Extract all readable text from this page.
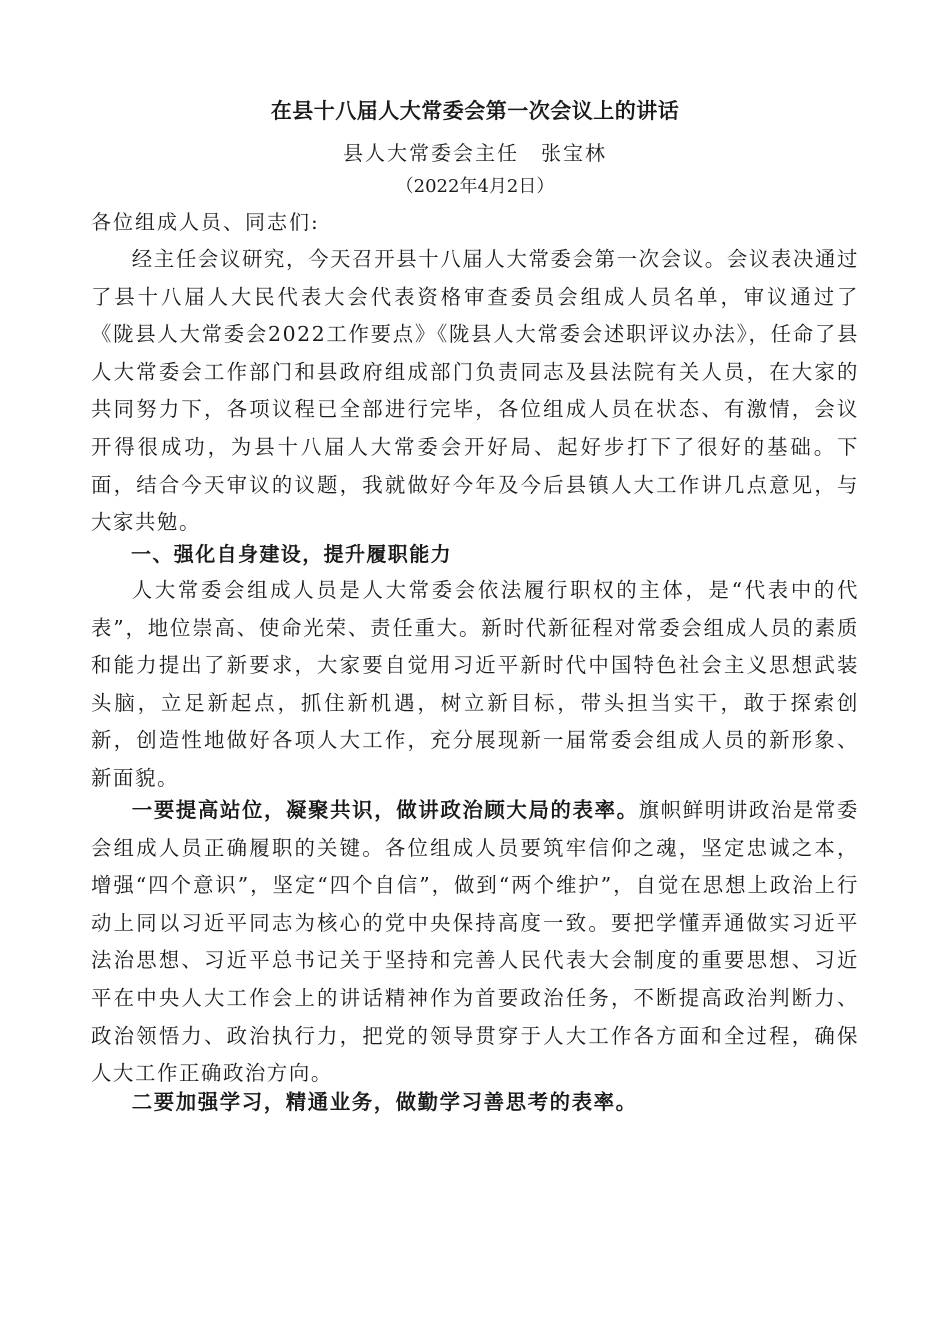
在县十八届人大常委会第一次会议上的讲话

县人大常委会主任　张宝林

（2022年4月2日）

各位组成人员、同志们:

经主任会议研究，今天召开县十八届人大常委会第一次会议。会议表决通过了县十八届人大民代表大会代表资格审查委员会组成人员名单，审议通过了《陇县人大常委会2022工作要点》《陇县人大常委会述职评议办法》，任命了县人大常委会工作部门和县政府组成部门负责同志及县法院有关人员，在大家的共同努力下，各项议程已全部进行完毕，各位组成人员在状态、有激情，会议开得很成功，为县十八届人大常委会开好局、起好步打下了很好的基础。下面，结合今天审议的议题，我就做好今年及今后县镇人大工作讲几点意见，与大家共勉。

一、强化自身建设，提升履职能力

人大常委会组成人员是人大常委会依法履行职权的主体，是“代表中的代表”，地位崇高、使命光荣、责任重大。新时代新征程对常委会组成人员的素质和能力提出了新要求，大家要自觉用习近平新时代中国特色社会主义思想武装头脑，立足新起点，抓住新机遇，树立新目标，带头担当实干，敢于探索创新，创造性地做好各项人大工作，充分展现新一届常委会组成人员的新形象、新面貌。

一要提高站位，凝聚共识，做讲政治顾大局的表率。旗帜鲜明讲政治是常委会组成人员正确履职的关键。各位组成人员要筑牢信仰之魂，坚定忠诚之本，增强“四个意识”，坚定“四个自信”，做到“两个维护”，自觉在思想上政治上行动上同以习近平同志为核心的党中央保持高度一致。要把学懂弄通做实习近平法治思想、习近平总书记关于坚持和完善人民代表大会制度的重要思想、习近平在中央人大工作会上的讲话精神作为首要政治任务，不断提高政治判断力、政治领悟力、政治执行力，把党的领导贯穿于人大工作各方面和全过程，确保人大工作正确政治方向。

二要加强学习，精通业务，做勤学习善思考的表率。
